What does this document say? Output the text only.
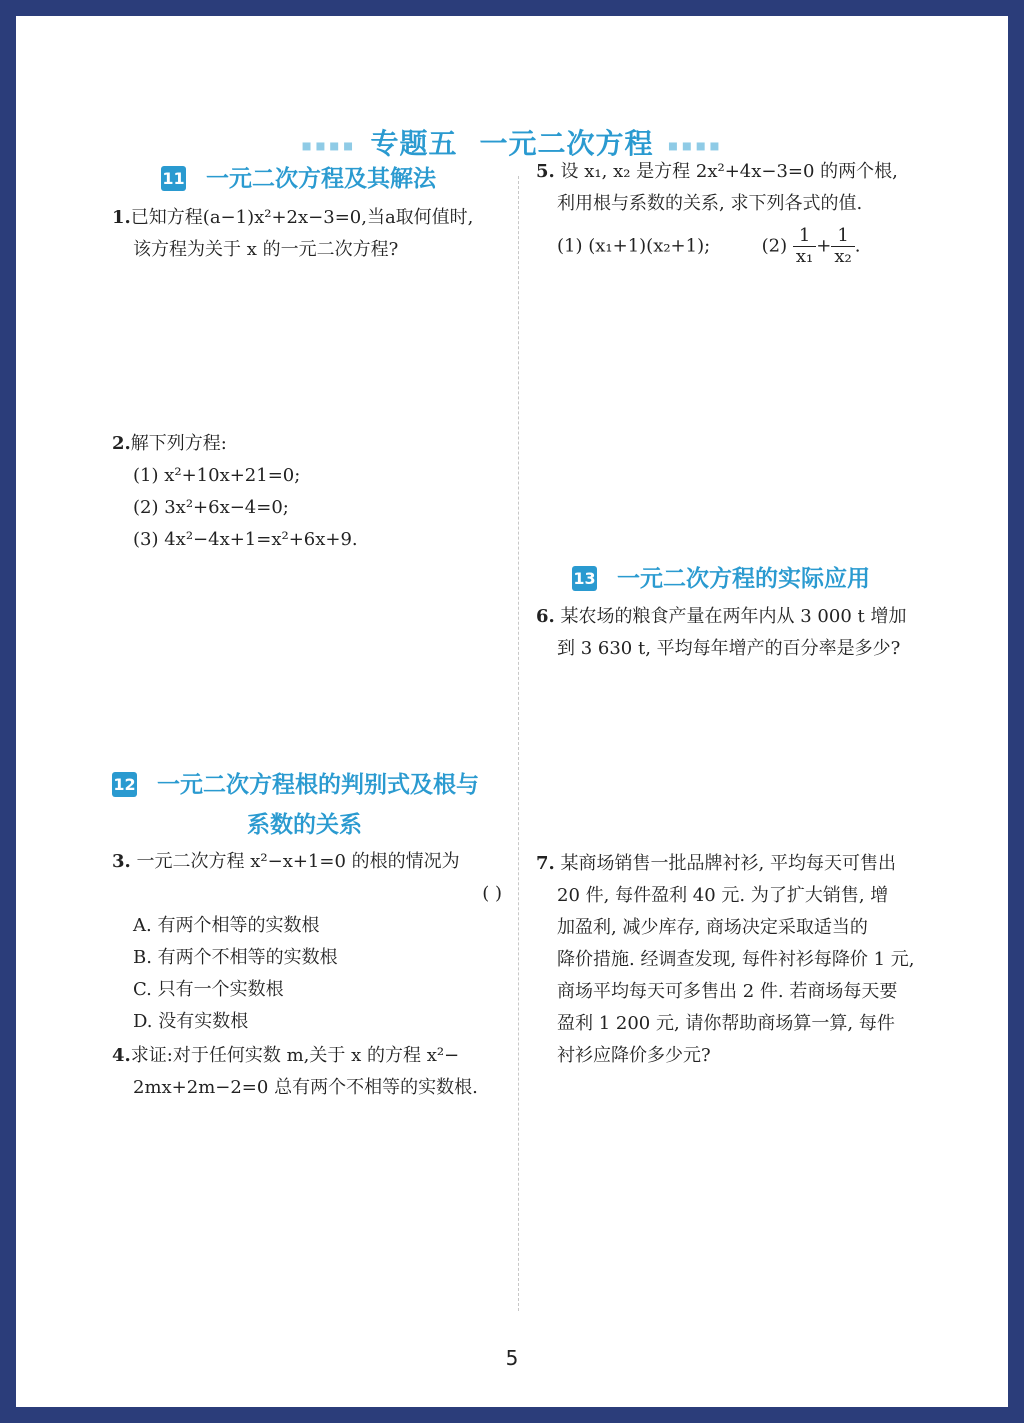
▪▪▪▪ 专题五 一元二次方程 ▪▪▪▪
11 一元二次方程及其解法
1.已知方程(a−1)x²+2x−3=0,当a取何值时,
该方程为关于 x 的一元二次方程?
2.解下列方程:
(1) x²+10x+21=0;
(2) 3x²+6x−4=0;
(3) 4x²−4x+1=x²+6x+9.
12 一元二次方程根的判别式及根与
系数的关系
3. 一元二次方程 x²−x+1=0 的根的情况为
( )
A. 有两个相等的实数根
B. 有两个不相等的实数根
C. 只有一个实数根
D. 没有实数根
4.求证:对于任何实数 m,关于 x 的方程 x²−
2mx+2m−2=0 总有两个不相等的实数根.
5. 设 x₁, x₂ 是方程 2x²+4x−3=0 的两个根,
利用根与系数的关系, 求下列各式的值.
(1) (x₁+1)(x₂+1);	$(2) \frac{1}{\text{x₁}} + \frac{1}{\text{x₂}}$ .
13 一元二次方程的实际应用
6. 某农场的粮食产量在两年内从 3 000 t 增加
到 3 630 t, 平均每年增产的百分率是多少?
7. 某商场销售一批品牌衬衫, 平均每天可售出
20 件, 每件盈利 40 元. 为了扩大销售, 增
加盈利, 减少库存, 商场决定采取适当的
降价措施. 经调查发现, 每件衬衫每降价 1 元,
商场平均每天可多售出 2 件. 若商场每天要
盈利 1 200 元, 请你帮助商场算一算, 每件
衬衫应降价多少元?
5
